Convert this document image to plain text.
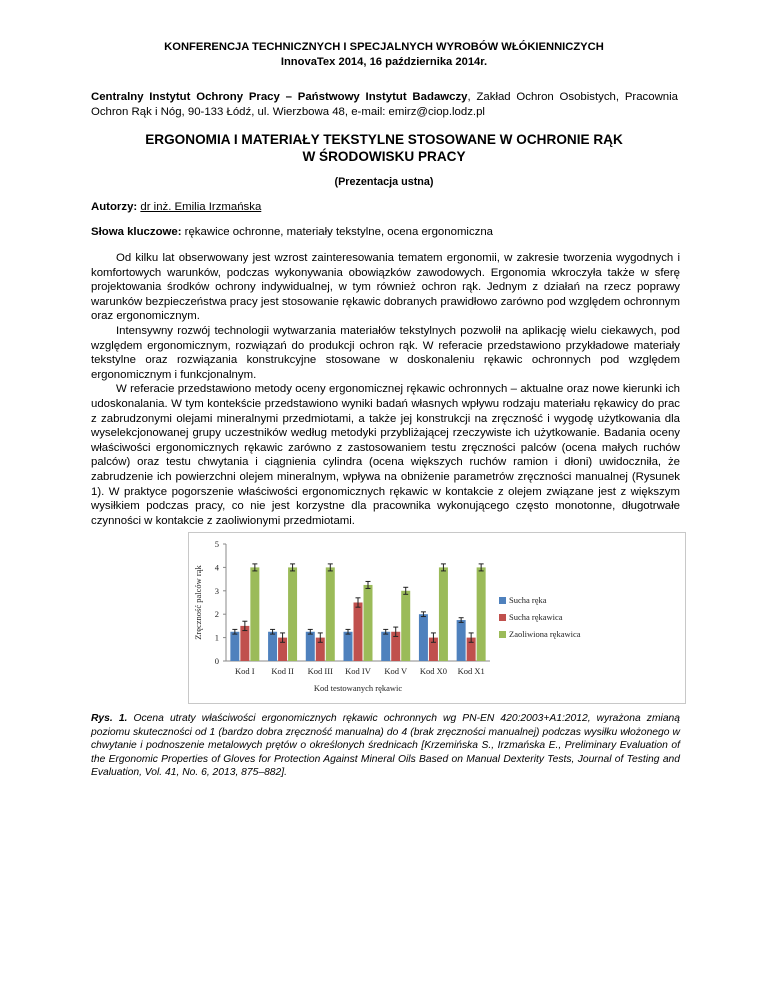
KONFERENCJA TECHNICZNYCH I SPECJALNYCH WYROBÓW WŁÓKIENNICZYCH
InnovaTex 2014, 16 października 2014r.
Centralny Instytut Ochrony Pracy – Państwowy Instytut Badawczy, Zakład Ochron Osobistych, Pracownia Ochron Rąk i Nóg, 90-133 Łódź, ul. Wierzbowa 48, e-mail: emirz@ciop.lodz.pl
ERGONOMIA I MATERIAŁY TEKSTYLNE STOSOWANE W OCHRONIE RĄK
W ŚRODOWISKU PRACY
(Prezentacja ustna)
Autorzy: dr inż. Emilia Irzmańska
Słowa kluczowe: rękawice ochronne, materiały tekstylne, ocena ergonomiczna

Od kilku lat obserwowany jest wzrost zainteresowania tematem ergonomii, w zakresie tworzenia wygodnych i komfortowych warunków, podczas wykonywania obowiązków zawodowych. Ergonomia wkroczyła także w sferę projektowania środków ochrony indywidualnej, w tym również ochron rąk. Jednym z działań na rzecz poprawy warunków bezpieczeństwa pracy jest stosowanie rękawic dobranych prawidłowo zarówno pod względem ochronnym oraz ergonomicznym.

Intensywny rozwój technologii wytwarzania materiałów tekstylnych pozwolił na aplikację wielu ciekawych, pod względem ergonomicznym, rozwiązań do produkcji ochron rąk. W referacie przedstawiono przykładowe materiały tekstylne oraz rozwiązania konstrukcyjne stosowane w doskonaleniu rękawic ochronnych pod względem ergonomicznym i funkcjonalnym.

W referacie przedstawiono metody oceny ergonomicznej rękawic ochronnych – aktualne oraz nowe kierunki ich udoskonalania. W tym kontekście przedstawiono wyniki badań własnych wpływu rodzaju materiału rękawicy do prac z zabrudzonymi olejami mineralnymi przedmiotami, a także jej konstrukcji na zręczność i wygodę użytkowania dla wyselekcjonowanej grupy uczestników według metodyki przybliżającej rzeczywiste ich użytkowanie. Badania oceny właściwości ergonomicznych rękawic zarówno z zastosowaniem testu zręczności palców (ocena małych ruchów palców) oraz testu chwytania i ciągnienia cylindra (ocena większych ruchów ramion i dłoni) uwidoczniła, że zabrudzenie ich powierzchni olejem mineralnym, wpływa na obniżenie parametrów zręczności manualnej (Rysunek 1). W praktyce pogorszenie właściwości ergonomicznych rękawic w kontakcie z olejem związane jest z większym wysiłkiem podczas pracy, co nie jest korzystne dla pracownika wykonującego często monotonne, długotrwałe czynności w kontakcie z zaoliwionymi przedmiotami.

0
1
2
3
4
5
Kod I Kod II Kod III Kod IV Kod V Kod X0 Kod X1
Kod testowanych rękawic
Zręczność palców rąk	Sucha ręka
Sucha rękawica
Zaoliwiona rękawica
Rys. 1. Ocena utraty właściwości ergonomicznych rękawic ochronnych wg PN-EN 420:2003+A1:2012, wyrażona zmianą poziomu skuteczności od 1 (bardzo dobra zręczność manualna) do 4 (brak zręczności manualnej) podczas wysiłku włożonego w chwytanie i podnoszenie metalowych prętów o określonych średnicach [Krzemińska S., Irzmańska E., Preliminary Evaluation of the Ergonomic Properties of Gloves for Protection Against Mineral Oils Based on Manual Dexterity Tests, Journal of Testing and Evaluation, Vol. 41, No. 6, 2013, 875–882].
